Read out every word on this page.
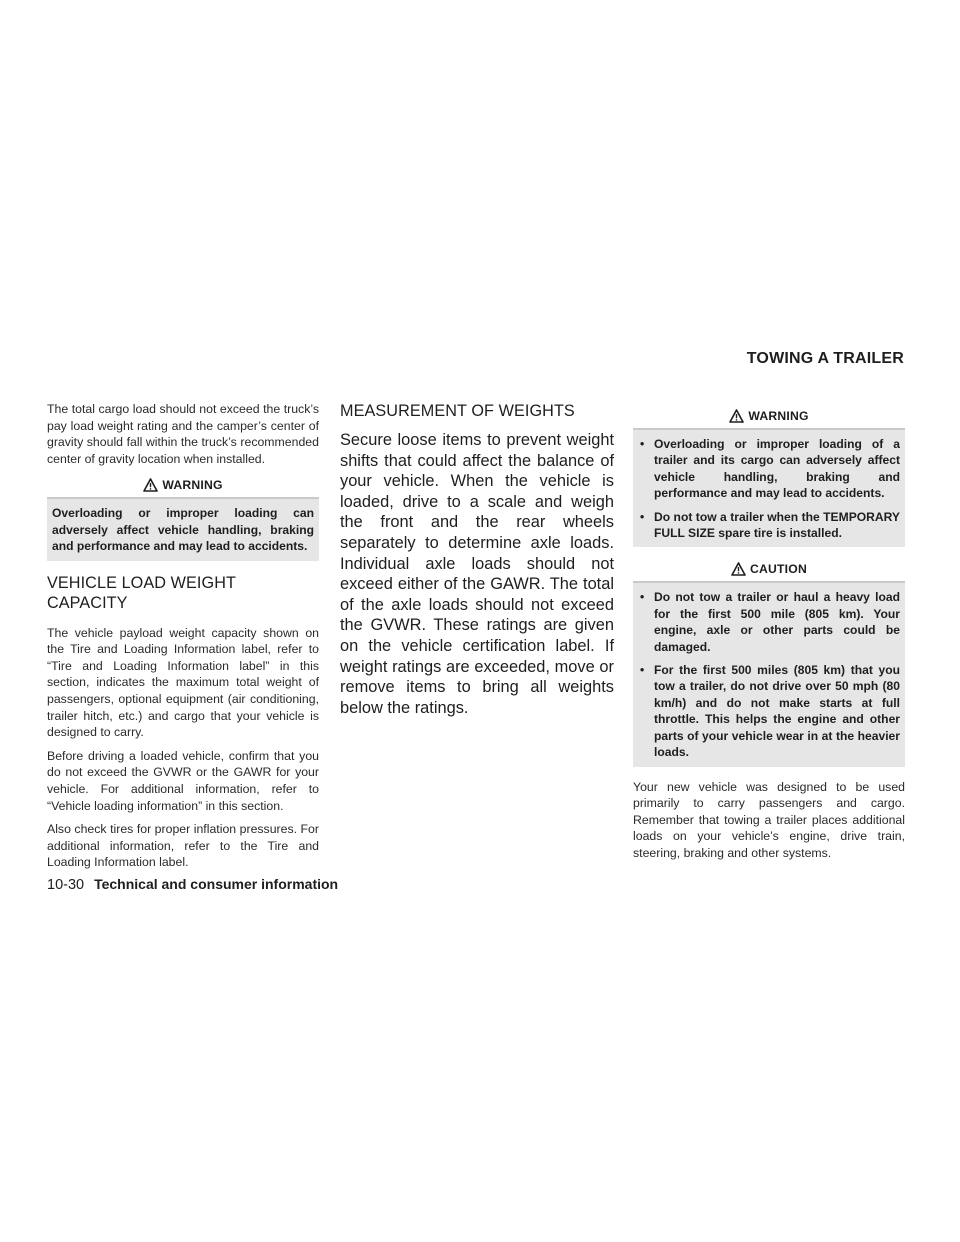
TOWING A TRAILER

The total cargo load should not exceed the truck’s pay load weight rating and the camper’s center of gravity should fall within the truck’s recommended center of gravity location when installed.

WARNING

Overloading or improper loading can adversely affect vehicle handling, braking and performance and may lead to accidents.

VEHICLE LOAD WEIGHT CAPACITY

The vehicle payload weight capacity shown on the Tire and Loading Information label, refer to “Tire and Loading Information label” in this section, indicates the maximum total weight of passengers, optional equipment (air conditioning, trailer hitch, etc.) and cargo that your vehicle is designed to carry.

Before driving a loaded vehicle, confirm that you do not exceed the GVWR or the GAWR for your vehicle. For additional information, refer to “Vehicle loading information” in this section.

Also check tires for proper inflation pressures. For additional information, refer to the Tire and Loading Information label.

MEASUREMENT OF WEIGHTS

Secure loose items to prevent weight shifts that could affect the balance of your vehicle. When the vehicle is loaded, drive to a scale and weigh the front and the rear wheels separately to determine axle loads. Individual axle loads should not exceed either of the GAWR. The total of the axle loads should not exceed the GVWR. These ratings are given on the vehicle certification label. If weight ratings are exceeded, move or remove items to bring all weights below the ratings.

WARNING
• Overloading or improper loading of a trailer and its cargo can adversely affect vehicle handling, braking and performance and may lead to accidents.
• Do not tow a trailer when the TEMPORARY FULL SIZE spare tire is installed.
CAUTION
• Do not tow a trailer or haul a heavy load for the first 500 mile (805 km). Your engine, axle or other parts could be damaged.
• For the first 500 miles (805 km) that you tow a trailer, do not drive over 50 mph (80 km/h) and do not make starts at full throttle. This helps the engine and other parts of your vehicle wear in at the heavier loads.

Your new vehicle was designed to be used primarily to carry passengers and cargo. Remember that towing a trailer places additional loads on your vehicle’s engine, drive train, steering, braking and other systems.

10-30 Technical and consumer information
